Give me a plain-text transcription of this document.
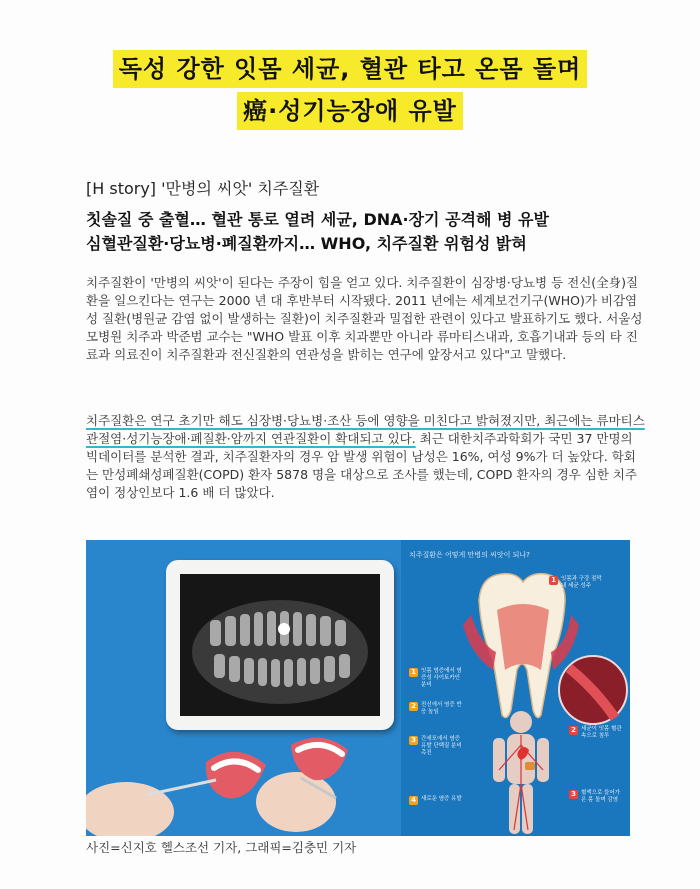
독성 강한 잇몸 세균, 혈관 타고 온몸 돌며
癌·성기능장애 유발
[H story] '만병의 씨앗' 치주질환
칫솔질 중 출혈… 혈관 통로 열려 세균, DNA·장기 공격해 병 유발
심혈관질환·당뇨병·폐질환까지… WHO, 치주질환 위험성 밝혀

치주질환이 '만병의 씨앗'이 된다는 주장이 힘을 얻고 있다. 치주질환이 심장병·당뇨병 등 전신(全身)질환을 일으킨다는 연구는 2000 년 대 후반부터 시작됐다. 2011 년에는 세계보건기구(WHO)가 비감염성 질환(병원균 감염 없이 발생하는 질환)이 치주질환과 밀접한 관련이 있다고 발표하기도 했다. 서울성모병원 치주과 박준범 교수는 "WHO 발표 이후 치과뿐만 아니라 류마티스내과, 호흡기내과 등의 타 진료과 의료진이 치주질환과 전신질환의 연관성을 밝히는 연구에 앞장서고 있다"고 말했다.

치주질환은 연구 초기만 해도 심장병·당뇨병·조산 등에 영향을 미친다고 밝혀졌지만, 최근에는 류마티스관절염·성기능장애·폐질환·암까지 연관질환이 확대되고 있다. 최근 대한치주과학회가 국민 37 만명의 빅데이터를 분석한 결과, 치주질환자의 경우 암 발생 위험이 남성은 16%, 여성 9%가 더 높았다. 학회는 만성폐쇄성폐질환(COPD) 환자 5878 명을 대상으로 조사를 했는데, COPD 환자의 경우 심한 치주염이 정상인보다 1.6 배 더 많았다.

치주질환은 어떻게 만병의 씨앗이 되나?
1 잇몸과 구강 점막 내 세균 성주
2 세균이 잇몸 혈관 속으로 침투
3 혈액으로 들어가 온 몸 돌며 감염
1 잇몸 염증에서 염증성 사이토카인 분비
2 전신에서 염증 반응 높임
3 간세포에서 염증 유발 단백질 분비 촉진
4 새로운 염증 유발
사진=신지호 헬스조선 기자, 그래픽=김충민 기자
